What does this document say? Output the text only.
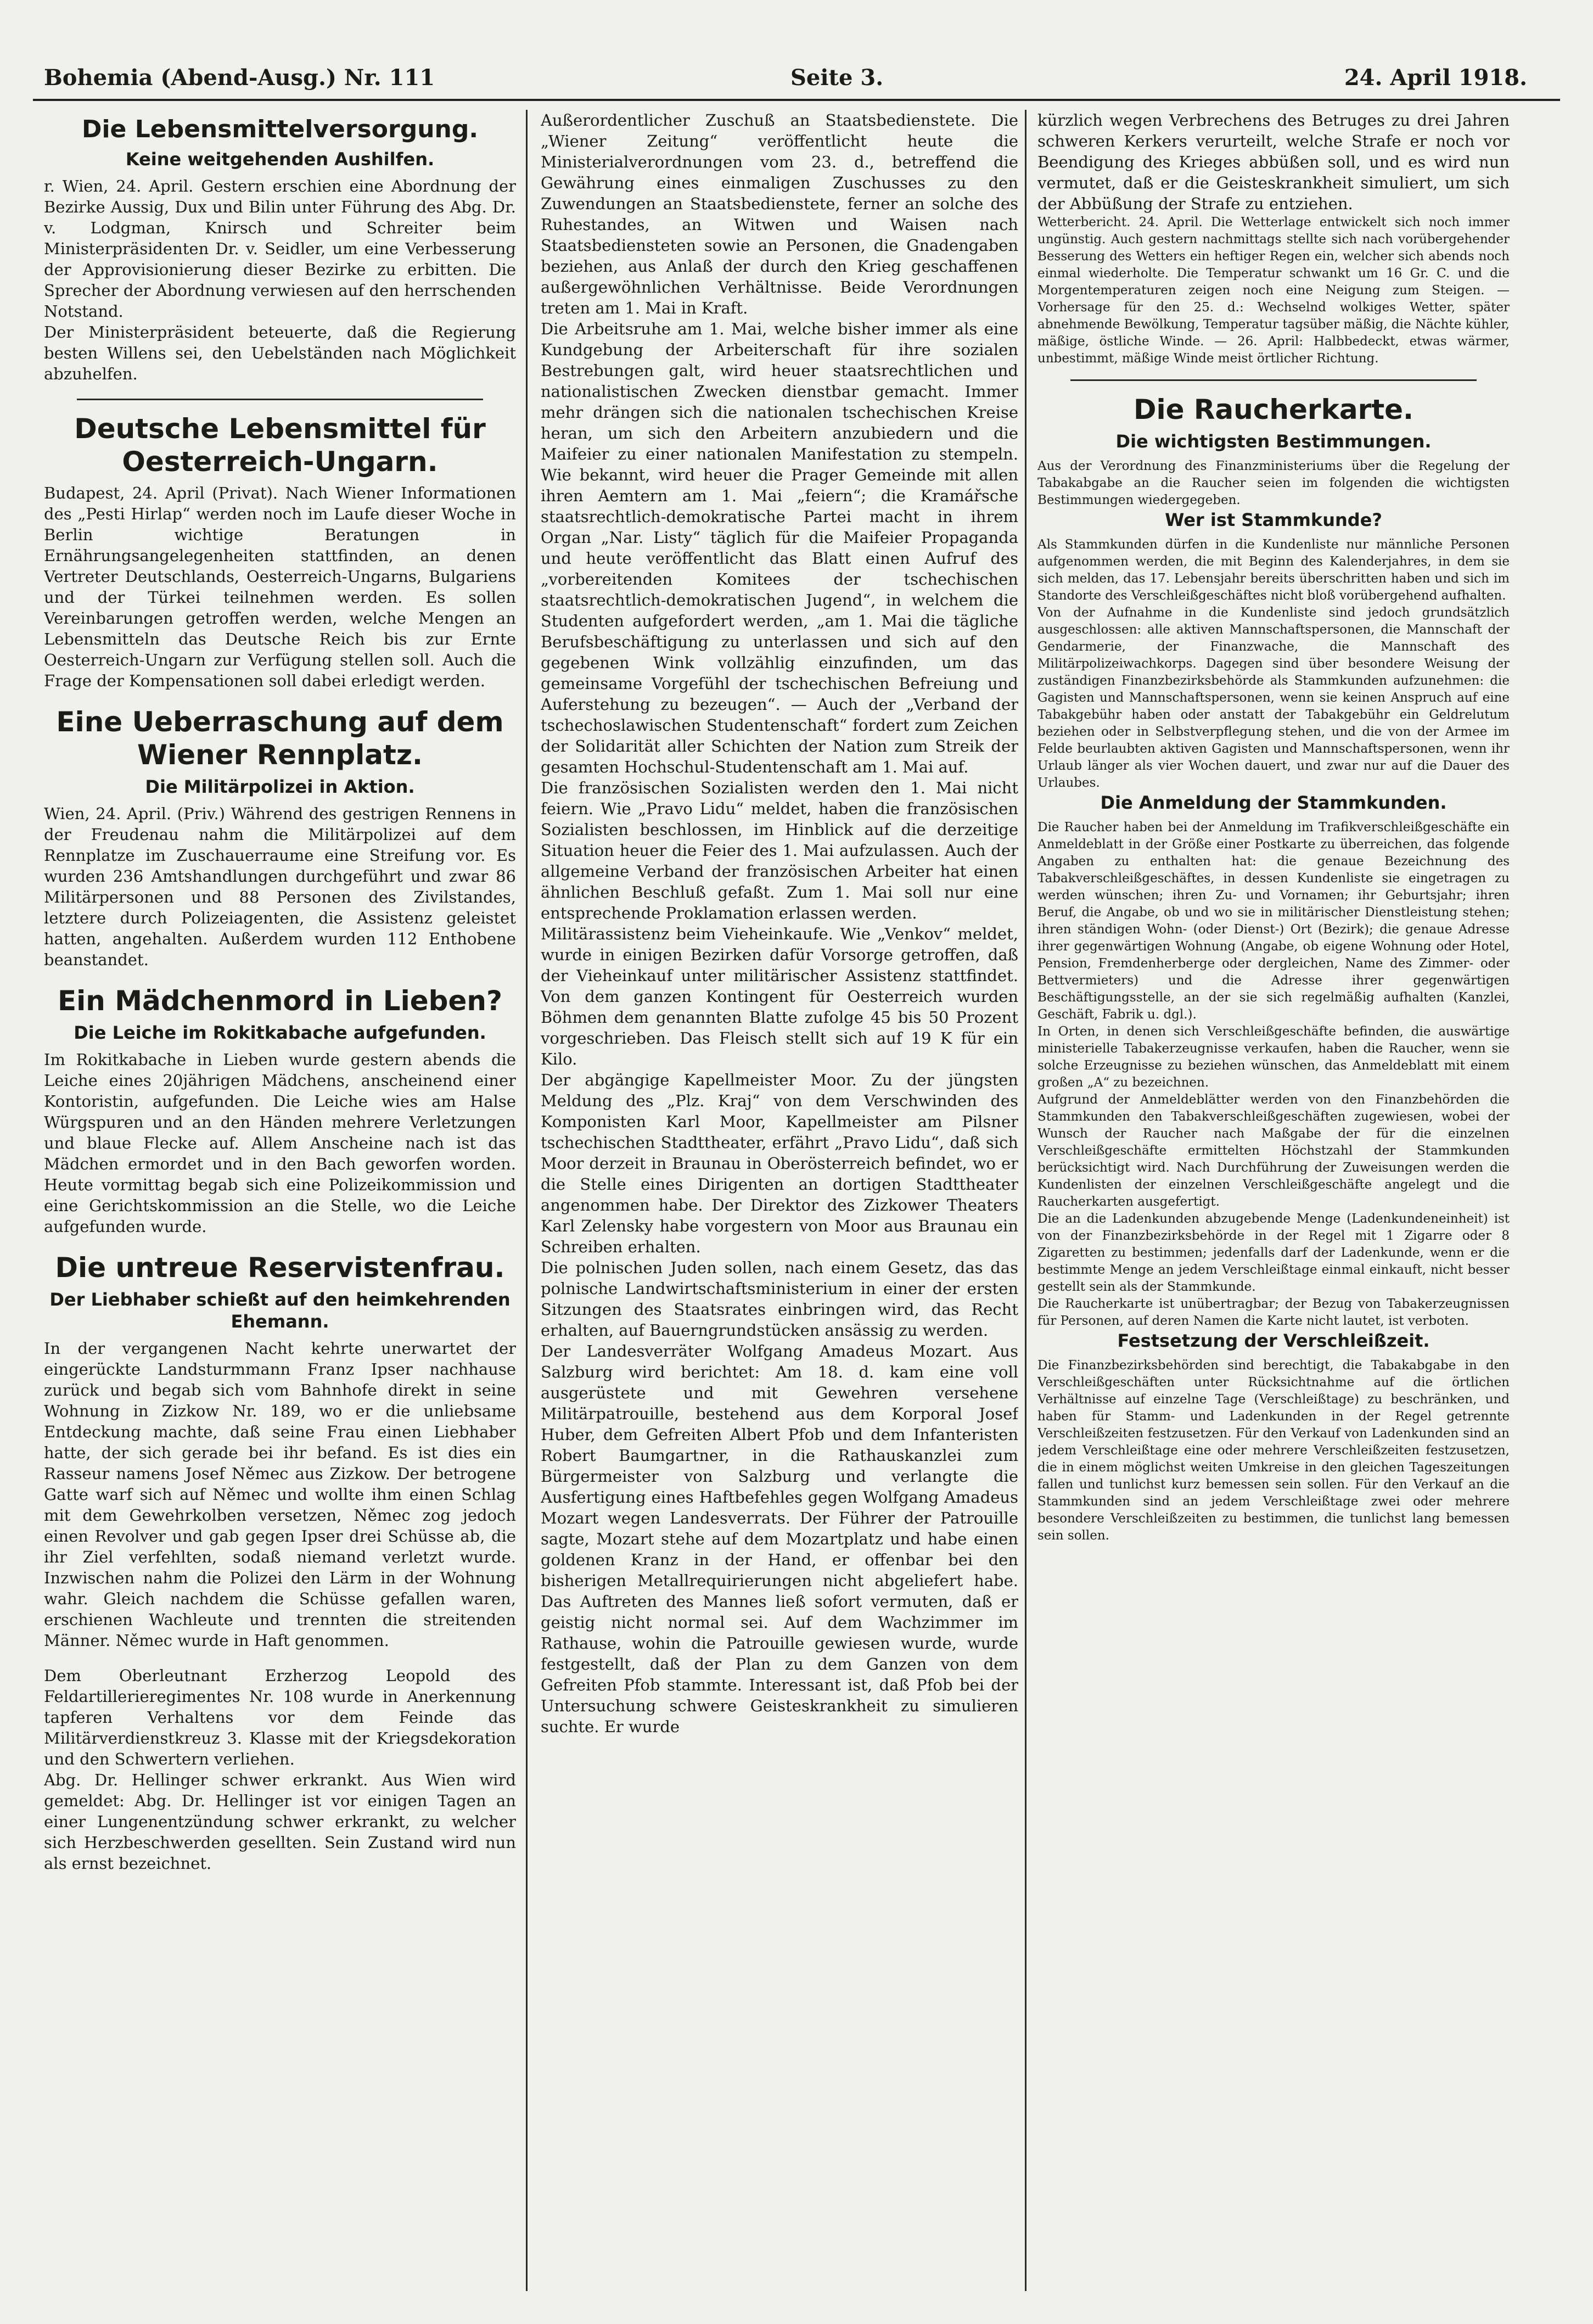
Bohemia (Abend-Ausg.) Nr. 111	Seite 3.	24. April 1918.
Die Lebensmittelversorgung.
Keine weitgehenden Aushilfen.

r. Wien, 24. April. Gestern erschien eine Abordnung der Bezirke Aussig, Dux und Bilin unter Führung des Abg. Dr. v. Lodgman, Knirsch und Schreiter beim Ministerpräsidenten Dr. v. Seidler, um eine Verbesserung der Approvisionierung dieser Bezirke zu erbitten. Die Sprecher der Abordnung verwiesen auf den herrschenden Notstand.

Der Ministerpräsident beteuerte, daß die Regierung besten Willens sei, den Uebelständen nach Möglichkeit abzuhelfen.

Deutsche Lebensmittel für Oesterreich-Ungarn.

Budapest, 24. April (Privat). Nach Wiener Informationen des „Pesti Hirlap“ werden noch im Laufe dieser Woche in Berlin wichtige Beratungen in Ernährungsangelegenheiten stattfinden, an denen Vertreter Deutschlands, Oesterreich-Ungarns, Bulgariens und der Türkei teilnehmen werden. Es sollen Vereinbarungen getroffen werden, welche Mengen an Lebensmitteln das Deutsche Reich bis zur Ernte Oesterreich-Ungarn zur Verfügung stellen soll. Auch die Frage der Kompensationen soll dabei erledigt werden.

Eine Ueberraschung auf dem Wiener Rennplatz.
Die Militärpolizei in Aktion.

Wien, 24. April. (Priv.) Während des gestrigen Rennens in der Freudenau nahm die Militärpolizei auf dem Rennplatze im Zuschauerraume eine Streifung vor. Es wurden 236 Amtshandlungen durchgeführt und zwar 86 Militärpersonen und 88 Personen des Zivilstandes, letztere durch Polizeiagenten, die Assistenz geleistet hatten, angehalten. Außerdem wurden 112 Enthobene beanstandet.

Ein Mädchenmord in Lieben?
Die Leiche im Rokitkabache aufgefunden.

Im Rokitkabache in Lieben wurde gestern abends die Leiche eines 20jährigen Mädchens, anscheinend einer Kontoristin, aufgefunden. Die Leiche wies am Halse Würgspuren und an den Händen mehrere Verletzungen und blaue Flecke auf. Allem Anscheine nach ist das Mädchen ermordet und in den Bach geworfen worden. Heute vormittag begab sich eine Polizeikommission und eine Gerichtskommission an die Stelle, wo die Leiche aufgefunden wurde.

Die untreue Reservistenfrau.
Der Liebhaber schießt auf den heimkehrenden Ehemann.

In der vergangenen Nacht kehrte unerwartet der eingerückte Landsturmmann Franz Ipser nachhause zurück und begab sich vom Bahnhofe direkt in seine Wohnung in Zizkow Nr. 189, wo er die unliebsame Entdeckung machte, daß seine Frau einen Liebhaber hatte, der sich gerade bei ihr befand. Es ist dies ein Rasseur namens Josef Němec aus Zizkow. Der betrogene Gatte warf sich auf Němec und wollte ihm einen Schlag mit dem Gewehrkolben versetzen, Němec zog jedoch einen Revolver und gab gegen Ipser drei Schüsse ab, die ihr Ziel verfehlten, sodaß niemand verletzt wurde. Inzwischen nahm die Polizei den Lärm in der Wohnung wahr. Gleich nachdem die Schüsse gefallen waren, erschienen Wachleute und trennten die streitenden Männer. Němec wurde in Haft genommen.

Dem Oberleutnant Erzherzog Leopold des Feldartillerieregimentes Nr. 108 wurde in Anerkennung tapferen Verhaltens vor dem Feinde das Militärverdienstkreuz 3. Klasse mit der Kriegsdekoration und den Schwertern verliehen.

Abg. Dr. Hellinger schwer erkrankt. Aus Wien wird gemeldet: Abg. Dr. Hellinger ist vor einigen Tagen an einer Lungenentzündung schwer erkrankt, zu welcher sich Herzbeschwerden gesellten. Sein Zustand wird nun als ernst bezeichnet.

Außerordentlicher Zuschuß an Staatsbedienstete. Die „Wiener Zeitung“ veröffentlicht heute die Ministerialverordnungen vom 23. d., betreffend die Gewährung eines einmaligen Zuschusses zu den Zuwendungen an Staatsbedienstete, ferner an solche des Ruhestandes, an Witwen und Waisen nach Staatsbediensteten sowie an Personen, die Gnadengaben beziehen, aus Anlaß der durch den Krieg geschaffenen außergewöhnlichen Verhältnisse. Beide Verordnungen treten am 1. Mai in Kraft.

Die Arbeitsruhe am 1. Mai, welche bisher immer als eine Kundgebung der Arbeiterschaft für ihre sozialen Bestrebungen galt, wird heuer staatsrechtlichen und nationalistischen Zwecken dienstbar gemacht. Immer mehr drängen sich die nationalen tschechischen Kreise heran, um sich den Arbeitern anzubiedern und die Maifeier zu einer nationalen Manifestation zu stempeln. Wie bekannt, wird heuer die Prager Gemeinde mit allen ihren Aemtern am 1. Mai „feiern“; die Kramářsche staatsrechtlich-demokratische Partei macht in ihrem Organ „Nar. Listy“ täglich für die Maifeier Propaganda und heute veröffentlicht das Blatt einen Aufruf des „vorbereitenden Komitees der tschechischen staatsrechtlich-demokratischen Jugend“, in welchem die Studenten aufgefordert werden, „am 1. Mai die tägliche Berufsbeschäftigung zu unterlassen und sich auf den gegebenen Wink vollzählig einzufinden, um das gemeinsame Vorgefühl der tschechischen Befreiung und Auferstehung zu bezeugen“. — Auch der „Verband der tschechoslawischen Studentenschaft“ fordert zum Zeichen der Solidarität aller Schichten der Nation zum Streik der gesamten Hochschul-Studentenschaft am 1. Mai auf.

Die französischen Sozialisten werden den 1. Mai nicht feiern. Wie „Pravo Lidu“ meldet, haben die französischen Sozialisten beschlossen, im Hinblick auf die derzeitige Situation heuer die Feier des 1. Mai aufzulassen. Auch der allgemeine Verband der französischen Arbeiter hat einen ähnlichen Beschluß gefaßt. Zum 1. Mai soll nur eine entsprechende Proklamation erlassen werden.

Militärassistenz beim Vieheinkaufe. Wie „Venkov“ meldet, wurde in einigen Bezirken dafür Vorsorge getroffen, daß der Vieheinkauf unter militärischer Assistenz stattfindet. Von dem ganzen Kontingent für Oesterreich wurden Böhmen dem genannten Blatte zufolge 45 bis 50 Prozent vorgeschrieben. Das Fleisch stellt sich auf 19 K für ein Kilo.

Der abgängige Kapellmeister Moor. Zu der jüngsten Meldung des „Plz. Kraj“ von dem Verschwinden des Komponisten Karl Moor, Kapellmeister am Pilsner tschechischen Stadttheater, erfährt „Pravo Lidu“, daß sich Moor derzeit in Braunau in Oberösterreich befindet, wo er die Stelle eines Dirigenten an dortigen Stadttheater angenommen habe. Der Direktor des Zizkower Theaters Karl Zelensky habe vorgestern von Moor aus Braunau ein Schreiben erhalten.

Die polnischen Juden sollen, nach einem Gesetz, das das polnische Landwirtschaftsministerium in einer der ersten Sitzungen des Staatsrates einbringen wird, das Recht erhalten, auf Bauerngrundstücken ansässig zu werden.

Der Landesverräter Wolfgang Amadeus Mozart. Aus Salzburg wird berichtet: Am 18. d. kam eine voll ausgerüstete und mit Gewehren versehene Militärpatrouille, bestehend aus dem Korporal Josef Huber, dem Gefreiten Albert Pfob und dem Infanteristen Robert Baumgartner, in die Rathauskanzlei zum Bürgermeister von Salzburg und verlangte die Ausfertigung eines Haftbefehles gegen Wolfgang Amadeus Mozart wegen Landesverrats. Der Führer der Patrouille sagte, Mozart stehe auf dem Mozartplatz und habe einen goldenen Kranz in der Hand, er offenbar bei den bisherigen Metallrequirierungen nicht abgeliefert habe. Das Auftreten des Mannes ließ sofort vermuten, daß er geistig nicht normal sei. Auf dem Wachzimmer im Rathause, wohin die Patrouille gewiesen wurde, wurde festgestellt, daß der Plan zu dem Ganzen von dem Gefreiten Pfob stammte. Interessant ist, daß Pfob bei der Untersuchung schwere Geisteskrankheit zu simulieren suchte. Er wurde

kürzlich wegen Verbrechens des Betruges zu drei Jahren schweren Kerkers verurteilt, welche Strafe er noch vor Beendigung des Krieges abbüßen soll, und es wird nun vermutet, daß er die Geisteskrankheit simuliert, um sich der Abbüßung der Strafe zu entziehen.

Wetterbericht. 24. April. Die Wetterlage entwickelt sich noch immer ungünstig. Auch gestern nachmittags stellte sich nach vorübergehender Besserung des Wetters ein heftiger Regen ein, welcher sich abends noch einmal wiederholte. Die Temperatur schwankt um 16 Gr. C. und die Morgentemperaturen zeigen noch eine Neigung zum Steigen. — Vorhersage für den 25. d.: Wechselnd wolkiges Wetter, später abnehmende Bewölkung, Temperatur tagsüber mäßig, die Nächte kühler, mäßige, östliche Winde. — 26. April: Halbbedeckt, etwas wärmer, unbestimmt, mäßige Winde meist örtlicher Richtung.

Die Raucherkarte.
Die wichtigsten Bestimmungen.

Aus der Verordnung des Finanzministeriums über die Regelung der Tabakabgabe an die Raucher seien im folgenden die wichtigsten Bestimmungen wiedergegeben.

Wer ist Stammkunde?

Als Stammkunden dürfen in die Kundenliste nur männliche Personen aufgenommen werden, die mit Beginn des Kalenderjahres, in dem sie sich melden, das 17. Lebensjahr bereits überschritten haben und sich im Standorte des Verschleißgeschäftes nicht bloß vorübergehend aufhalten.

Von der Aufnahme in die Kundenliste sind jedoch grundsätzlich ausgeschlossen: alle aktiven Mannschaftspersonen, die Mannschaft der Gendarmerie, der Finanzwache, die Mannschaft des Militärpolizeiwachkorps. Dagegen sind über besondere Weisung der zuständigen Finanzbezirksbehörde als Stammkunden aufzunehmen: die Gagisten und Mannschaftspersonen, wenn sie keinen Anspruch auf eine Tabakgebühr haben oder anstatt der Tabakgebühr ein Geldrelutum beziehen oder in Selbstverpflegung stehen, und die von der Armee im Felde beurlaubten aktiven Gagisten und Mannschaftspersonen, wenn ihr Urlaub länger als vier Wochen dauert, und zwar nur auf die Dauer des Urlaubes.

Die Anmeldung der Stammkunden.

Die Raucher haben bei der Anmeldung im Trafikverschleißgeschäfte ein Anmeldeblatt in der Größe einer Postkarte zu überreichen, das folgende Angaben zu enthalten hat: die genaue Bezeichnung des Tabakverschleißgeschäftes, in dessen Kundenliste sie eingetragen zu werden wünschen; ihren Zu- und Vornamen; ihr Geburtsjahr; ihren Beruf, die Angabe, ob und wo sie in militärischer Dienstleistung stehen; ihren ständigen Wohn- (oder Dienst-) Ort (Bezirk); die genaue Adresse ihrer gegenwärtigen Wohnung (Angabe, ob eigene Wohnung oder Hotel, Pension, Fremdenherberge oder dergleichen, Name des Zimmer- oder Bettvermieters) und die Adresse ihrer gegenwärtigen Beschäftigungsstelle, an der sie sich regelmäßig aufhalten (Kanzlei, Geschäft, Fabrik u. dgl.).

In Orten, in denen sich Verschleißgeschäfte befinden, die auswärtige ministerielle Tabakerzeugnisse verkaufen, haben die Raucher, wenn sie solche Erzeugnisse zu beziehen wünschen, das Anmeldeblatt mit einem großen „A“ zu bezeichnen.

Aufgrund der Anmeldeblätter werden von den Finanzbehörden die Stammkunden den Tabakverschleißgeschäften zugewiesen, wobei der Wunsch der Raucher nach Maßgabe der für die einzelnen Verschleißgeschäfte ermittelten Höchstzahl der Stammkunden berücksichtigt wird. Nach Durchführung der Zuweisungen werden die Kundenlisten der einzelnen Verschleißgeschäfte angelegt und die Raucherkarten ausgefertigt.

Die an die Ladenkunden abzugebende Menge (Ladenkundeneinheit) ist von der Finanzbezirksbehörde in der Regel mit 1 Zigarre oder 8 Zigaretten zu bestimmen; jedenfalls darf der Ladenkunde, wenn er die bestimmte Menge an jedem Verschleißtage einmal einkauft, nicht besser gestellt sein als der Stammkunde.

Die Raucherkarte ist unübertragbar; der Bezug von Tabakerzeugnissen für Personen, auf deren Namen die Karte nicht lautet, ist verboten.

Festsetzung der Verschleißzeit.

Die Finanzbezirksbehörden sind berechtigt, die Tabakabgabe in den Verschleißgeschäften unter Rücksichtnahme auf die örtlichen Verhältnisse auf einzelne Tage (Verschleißtage) zu beschränken, und haben für Stamm- und Ladenkunden in der Regel getrennte Verschleißzeiten festzusetzen. Für den Verkauf von Ladenkunden sind an jedem Verschleißtage eine oder mehrere Verschleißzeiten festzusetzen, die in einem möglichst weiten Umkreise in den gleichen Tageszeitungen fallen und tunlichst kurz bemessen sein sollen. Für den Verkauf an die Stammkunden sind an jedem Verschleißtage zwei oder mehrere besondere Verschleißzeiten zu bestimmen, die tunlichst lang bemessen sein sollen.
